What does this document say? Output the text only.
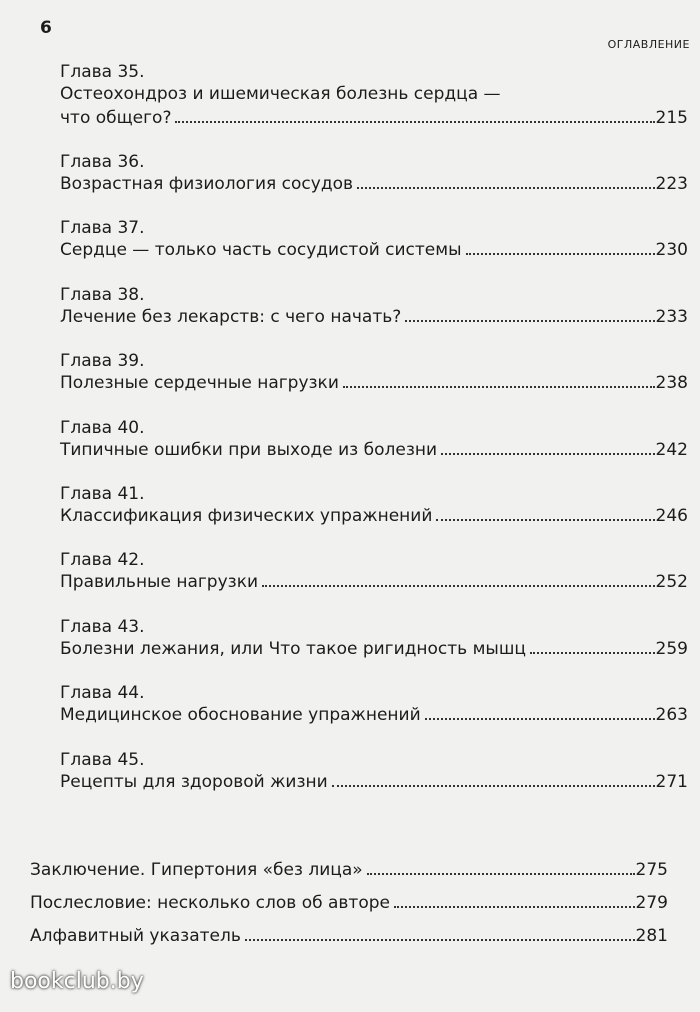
6
ОГЛАВЛЕНИЕ
Глава 35.
Остеохондроз и ишемическая болезнь сердца —
что общего?	215
Глава 36.
Возрастная физиология сосудов	223
Глава 37.
Сердце — только часть сосудистой системы	230
Глава 38.
Лечение без лекарств: с чего начать?	233
Глава 39.
Полезные сердечные нагрузки	238
Глава 40.
Типичные ошибки при выходе из болезни	242
Глава 41.
Классификация физических упражнений	246
Глава 42.
Правильные нагрузки	252
Глава 43.
Болезни лежания, или Что такое ригидность мышц	259
Глава 44.
Медицинское обоснование упражнений	263
Глава 45.
Рецепты для здоровой жизни	271
Заключение. Гипертония «без лица»	275
Послесловие: несколько слов об авторе	279
Алфавитный указатель	281
bookclub.by
